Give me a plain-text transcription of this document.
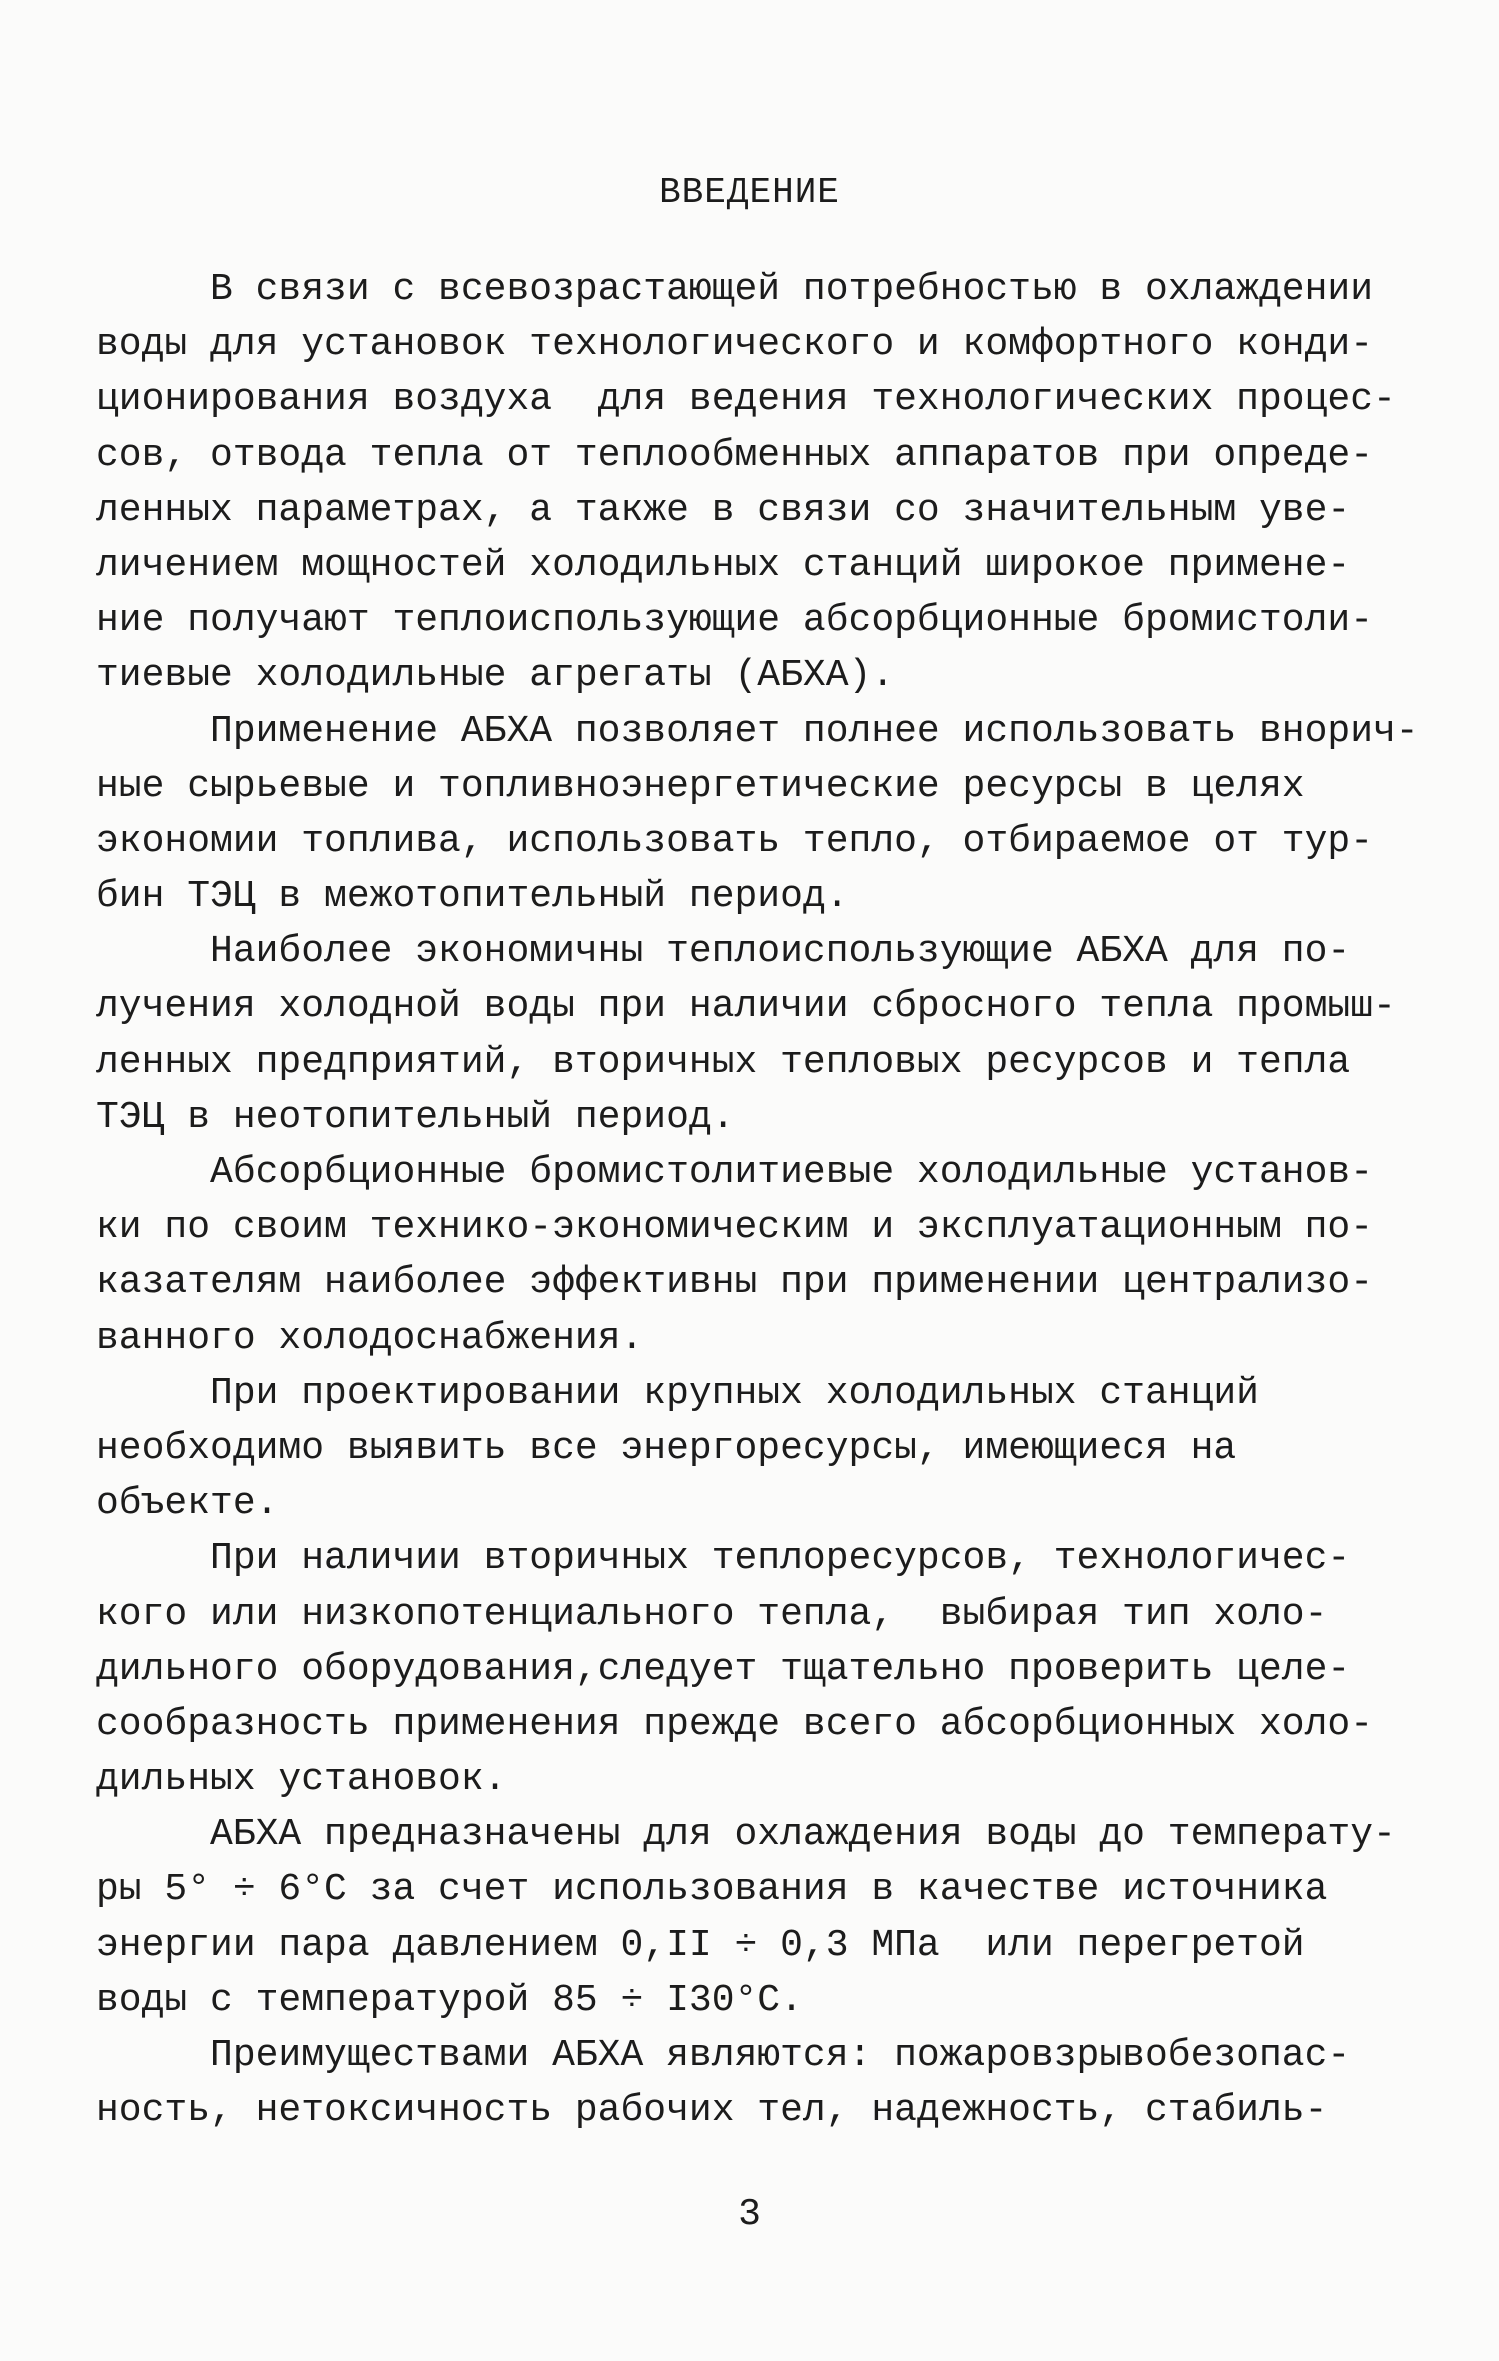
ВВЕДЕНИЕ
В связи с всевозрастающей потребностью в охлаждении
воды для установок технологического и комфортного конди-
ционирования воздуха  для ведения технологических процес-
сов, отвода тепла от теплообменных аппаратов при опреде-
ленных параметрах, а также в связи со значительным уве-
личением мощностей холодильных станций широкое примене-
ние получают теплоиспользующие абсорбционные бромистоли-
тиевые холодильные агрегаты (АБХА).
Применение АБХА позволяет полнее использовать внорич-
ные сырьевые и топливноэнергетические ресурсы в целях
экономии топлива, использовать тепло, отбираемое от тур-
бин ТЭЦ в межотопительный период.
Наиболее экономичны теплоиспользующие АБХА для по-
лучения холодной воды при наличии сбросного тепла промыш-
ленных предприятий, вторичных тепловых ресурсов и тепла
ТЭЦ в неотопительный период.
Абсорбционные бромистолитиевые холодильные установ-
ки по своим технико-экономическим и эксплуатационным по-
казателям наиболее эффективны при применении централизо-
ванного холодоснабжения.
При проектировании крупных холодильных станций
необходимо выявить все энергоресурсы, имеющиеся на
объекте.
При наличии вторичных теплоресурсов, технологичес-
кого или низкопотенциального тепла,  выбирая тип холо-
дильного оборудования,следует тщательно проверить целе-
сообразность применения прежде всего абсорбционных холо-
дильных установок.
АБХА предназначены для охлаждения воды до температу-
ры 5° ÷ 6°С за счет использования в качестве источника
энергии пара давлением 0,II ÷ 0,3 МПа  или перегретой
воды с температурой 85 ÷ I30°С.
Преимуществами АБХА являются: пожаровзрывобезопас-
ность, нетоксичность рабочих тел, надежность, стабиль-
3
